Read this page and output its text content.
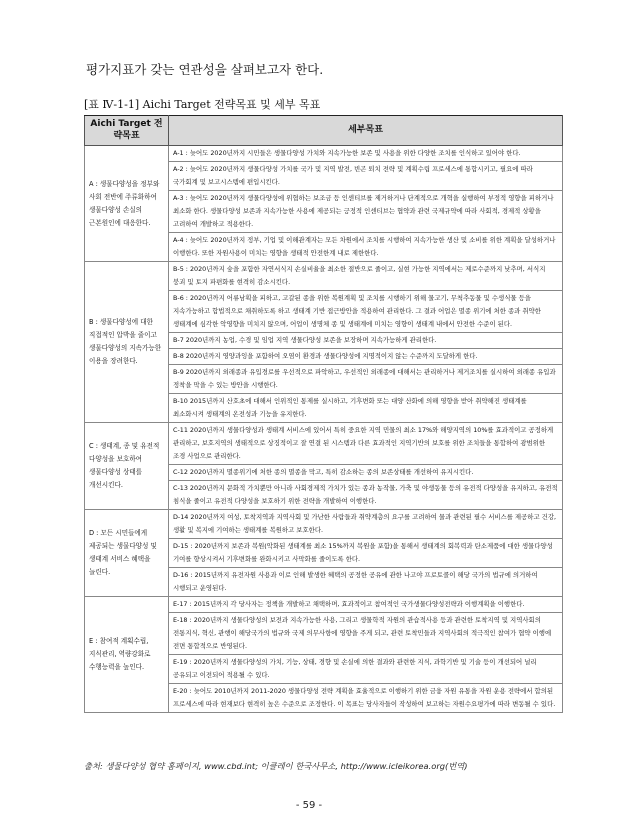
평가지표가 갖는 연관성을 살펴보고자 한다.
[표 Ⅳ-1-1] Aichi Target 전략목표 및 세부 목표
Aichi Target 전략목표	세부목표
A : 생물다양성을 정부와 사회 전반에 주류화하여 생물다양성 손실의 근본원인에 대응한다.	A-1 : 늦어도 2020년까지 시민들은 생물다양성 가치와 지속가능한 보존 및 사용을 위한 다양한 조치를 인식하고 있어야 한다.
	A-2 : 늦어도 2020년까지 생물다양성 가치를 국가 및 지역 발전, 빈곤 퇴치 전략 및 계획수립 프로세스에 통합시키고, 필요에 따라 국가회계 및 보고시스템에 편입시킨다.
	A-3 : 늦어도 2020년까지 생물다양성에 위협하는 보조금 등 인센티브를 제거하거나 단계적으로 개혁을 실행하여 부정적 영향을 피하거나 최소화 한다. 생물다양성 보존과 지속가능한 사용에 제공되는 긍정적 인센티브는 협약과 관련 국제규약에 따라 사회적, 경제적 상황을 고려하여 개발하고 적용한다.
	A-4 : 늦어도 2020년까지 정부, 기업 및 이해관계자는 모든 차원에서 조치를 시행하여 지속가능한 생산 및 소비를 위한 계획을 달성하거나 이행한다. 또한 자원사용이 미치는 영향을 생태적 안전한계 내로 제한한다.
B : 생물다양성에 대한 직접적인 압박을 줄이고 생물다양성의 지속가능한 이용을 장려한다.	B-5 : 2020년까지 숲을 포함한 자연서식지 손실비율을 최소한 절반으로 줄이고, 실현 가능한 지역에서는 제로수준까지 낮추며, 서식지 붕괴 및 토지 파편화를 현격히 감소시킨다.
	B-6 : 2020년까지 어류남획을 피하고, 고갈된 종을 위한 복원계획 및 조치를 시행하기 위해 물고기, 무척추동물 및 수생식물 등을 지속가능하고 합법적으로 채취하도록 하고 생태계 기반 접근방안을 적용하여 관리한다. 그 결과 어업은 멸종 위기에 처한 종과 취약한 생태계에 심각한 악영향을 미치지 않으며, 어업이 생명체 종 및 생태계에 미치는 영향이 생태계 내에서 안전한 수준이 된다.
	B-7 2020년까지 농업, 수경 및 임업 지역 생물다양성 보존을 보장하며 지속가능하게 관리한다.
	B-8 2020년까지 영양과잉을 포함하여 오염이 환경과 생물다양성에 지명적이지 않는 수준까지 도달하게 한다.
	B-9 2020년까지 외래종과 유입경로를 우선적으로 파악하고, 우선적인 외래종에 대해서는 관리하거나 제거조치를 실시하여 외래종 유입과 정착을 막을 수 있는 방안을 시행한다.
	B-10 2015년까지 산호초에 대해서 인위적인 통제를 실시하고, 기후변화 또는 대양 산화에 의해 영향을 받아 취약해진 생태계를 최소화시켜 생태계의 온전성과 기능을 유지한다.
C : 생태계, 종 및 유전적 다양성을 보호하여 생물다양성 상태를 개선시킨다.	C-11 2020년까지 생물다양성과 생태계 서비스에 있어서 특히 중요한 지역 민물의 최소 17%와 해양지역의 10%를 효과적이고 공정하게 관리하고, 보호지역의 생태적으로 상징적이고 잘 연결 된 시스템과 다른 효과적인 지역기반의 보호를 위한 조치들을 통합하여 광범위한 조경 사업으로 관리한다.
	C-12 2020년까지 멸종위기에 처한 종의 멸종을 막고, 특히 감소하는 종의 보존상태를 개선하여 유지시킨다.
	C-13 2020년까지 문화적 가치뿐만 아니라 사회경제적 가치가 있는 종과 농작물, 가축 및 야생동물 등의 유전적 다양성을 유지하고, 유전적 침식을 줄이고 유전적 다양성을 보호하기 위한 전략을 개발하여 이행한다.
D : 모든 시민들에게 제공되는 생물다양성 및 생태계 서비스 혜택을 늘린다.	D-14 2020년까지 여성, 토착지역과 지역사회 및 가난한 사람들과 취약계층의 요구를 고려하여 물과 관련된 필수 서비스를 제공하고 건강, 생활 및 복지에 기여하는 생태계를 복원하고 보호한다.
	D-15 : 2020년까지 보존과 복원(악화된 생태계를 최소 15%까지 복원을 포함)을 통해서 생태계의 회복력과 탄소제품에 대한 생물다양성 기여를 향상시켜서 기후변화를 완화시키고 사막화를 줄이도록 한다.
	D-16 : 2015년까지 유전자원 사용과 이로 인해 발생한 혜택의 공정한 공유에 관한 나고야 프로토콜이 해당 국가의 법규에 의거하여 시행되고 운영된다.
E : 참여적 계획수립, 지식관리, 역량강화로 수행능력을 높인다.	E-17 : 2015년까지 각 당사자는 정책을 개발하고 채택하며, 효과적이고 참여적인 국가생물다양성전략과 이행계획을 이행한다.
	E-18 : 2020년까지 생물다양성의 보전과 지속가능한 사용, 그리고 생물학적 자원의 관습적사용 등과 관련한 토착지역 및 지역사회의 전통지식, 혁신, 관행이 해당국가의 법규와 국제 의무사항에 영향을 주게 되고, 관련 토착민들과 지역사회의 적극적인 참여가 협약 이행에 전면 통합적으로 반영된다.
	E-19 : 2020년까지 생물다양성의 가치, 기능, 상태, 경향 및 손실에 의한 결과와 관련한 지식, 과학기반 및 기술 등이 개선되어 널리 공유되고 이전되어 적용될 수 있다.
	E-20 : 늦어도 2010년까지 2011-2020 생물다양성 전략 계획을 효율적으로 이행하기 위한 금융 자원 유통을 자원 운용 전략에서 합의된 프로세스에 따라 현재보다 현격히 높은 수준으로 조정한다. 이 목표는 당사자들이 작성하여 보고하는 자원수요평가에 따라 변동될 수 있다.
출처: 생물다양성 협약 홈페이지, www.cbd.int; 이클레이 한국사무소, http://www.icleikorea.org(번역)
- 59 -
